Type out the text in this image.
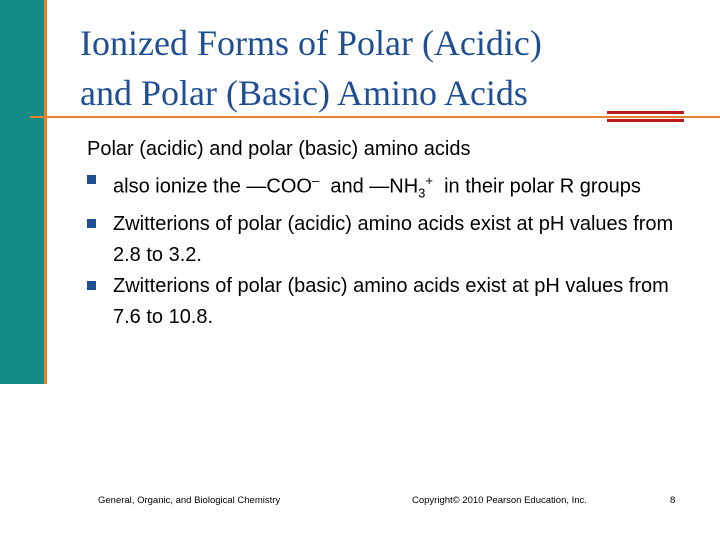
Ionized Forms of Polar (Acidic)
and Polar (Basic) Amino Acids

Polar (acidic) and polar (basic) amino acids

also ionize the —COO–  and $—NH_3^+$  in their polar R groups
Zwitterions of polar (acidic) amino acids exist at pH values from 2.8 to 3.2.
Zwitterions of polar (basic) amino acids exist at pH values from 7.6 to 10.8.
General, Organic, and Biological Chemistry	Copyright© 2010 Pearson Education, Inc.	8
